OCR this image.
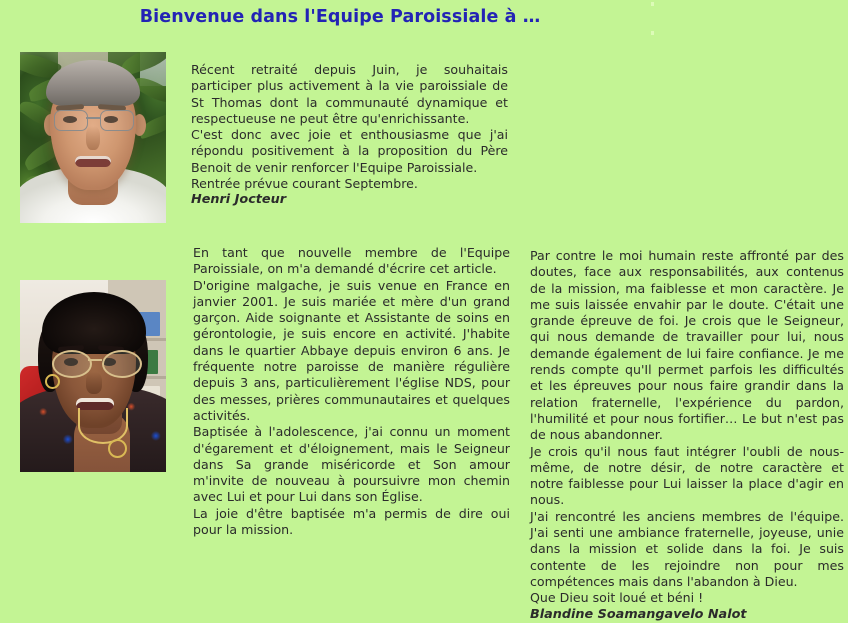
Bienvenue dans l'Equipe Paroissiale à …

Récent retraité depuis Juin, je souhaitais participer plus activement à la vie paroissiale de St Thomas dont la communauté dynamique et respectueuse ne peut être qu'enrichissante.

C'est donc avec joie et enthousiasme que j'ai répondu positivement à la proposition du Père Benoit de venir renforcer l'Equipe Paroissiale.

Rentrée prévue courant Septembre.

Henri Jocteur

En tant que nouvelle membre de l'Equipe Paroissiale, on m'a demandé d'écrire cet article.

D'origine malgache, je suis venue en France en janvier 2001. Je suis mariée et mère d'un grand garçon. Aide soignante et Assistante de soins en gérontologie, je suis encore en activité. J'habite dans le quartier Abbaye depuis environ 6 ans. Je fréquente notre paroisse de manière régulière depuis 3 ans, particulièrement l'église NDS, pour des messes, prières communautaires et quelques activités.

Baptisée à l'adolescence, j'ai connu un moment d'égarement et d'éloignement, mais le Seigneur dans Sa grande miséricorde et Son amour m'invite de nouveau à poursuivre mon chemin avec Lui et pour Lui dans son Église.

La joie d'être baptisée m'a permis de dire oui pour la mission.

Par contre le moi humain reste affronté par des doutes, face aux responsabilités, aux contenus de la mission, ma faiblesse et mon caractère. Je me suis laissée envahir par le doute. C'était une grande épreuve de foi. Je crois que le Seigneur, qui nous demande de travailler pour lui, nous demande également de lui faire confiance. Je me rends compte qu'Il permet parfois les difficultés et les épreuves pour nous faire grandir dans la relation fraternelle, l'expérience du pardon, l'humilité et pour nous fortifier… Le but n'est pas de nous abandonner.

Je crois qu'il nous faut intégrer l'oubli de nous-même, de notre désir, de notre caractère et notre faiblesse pour Lui laisser la place d'agir en nous.

J'ai rencontré les anciens membres de l'équipe. J'ai senti une ambiance fraternelle, joyeuse, unie dans la mission et solide dans la foi. Je suis contente de les rejoindre non pour mes compétences mais dans l'abandon à Dieu.

Que Dieu soit loué et béni !

Blandine Soamangavelo Nalot
